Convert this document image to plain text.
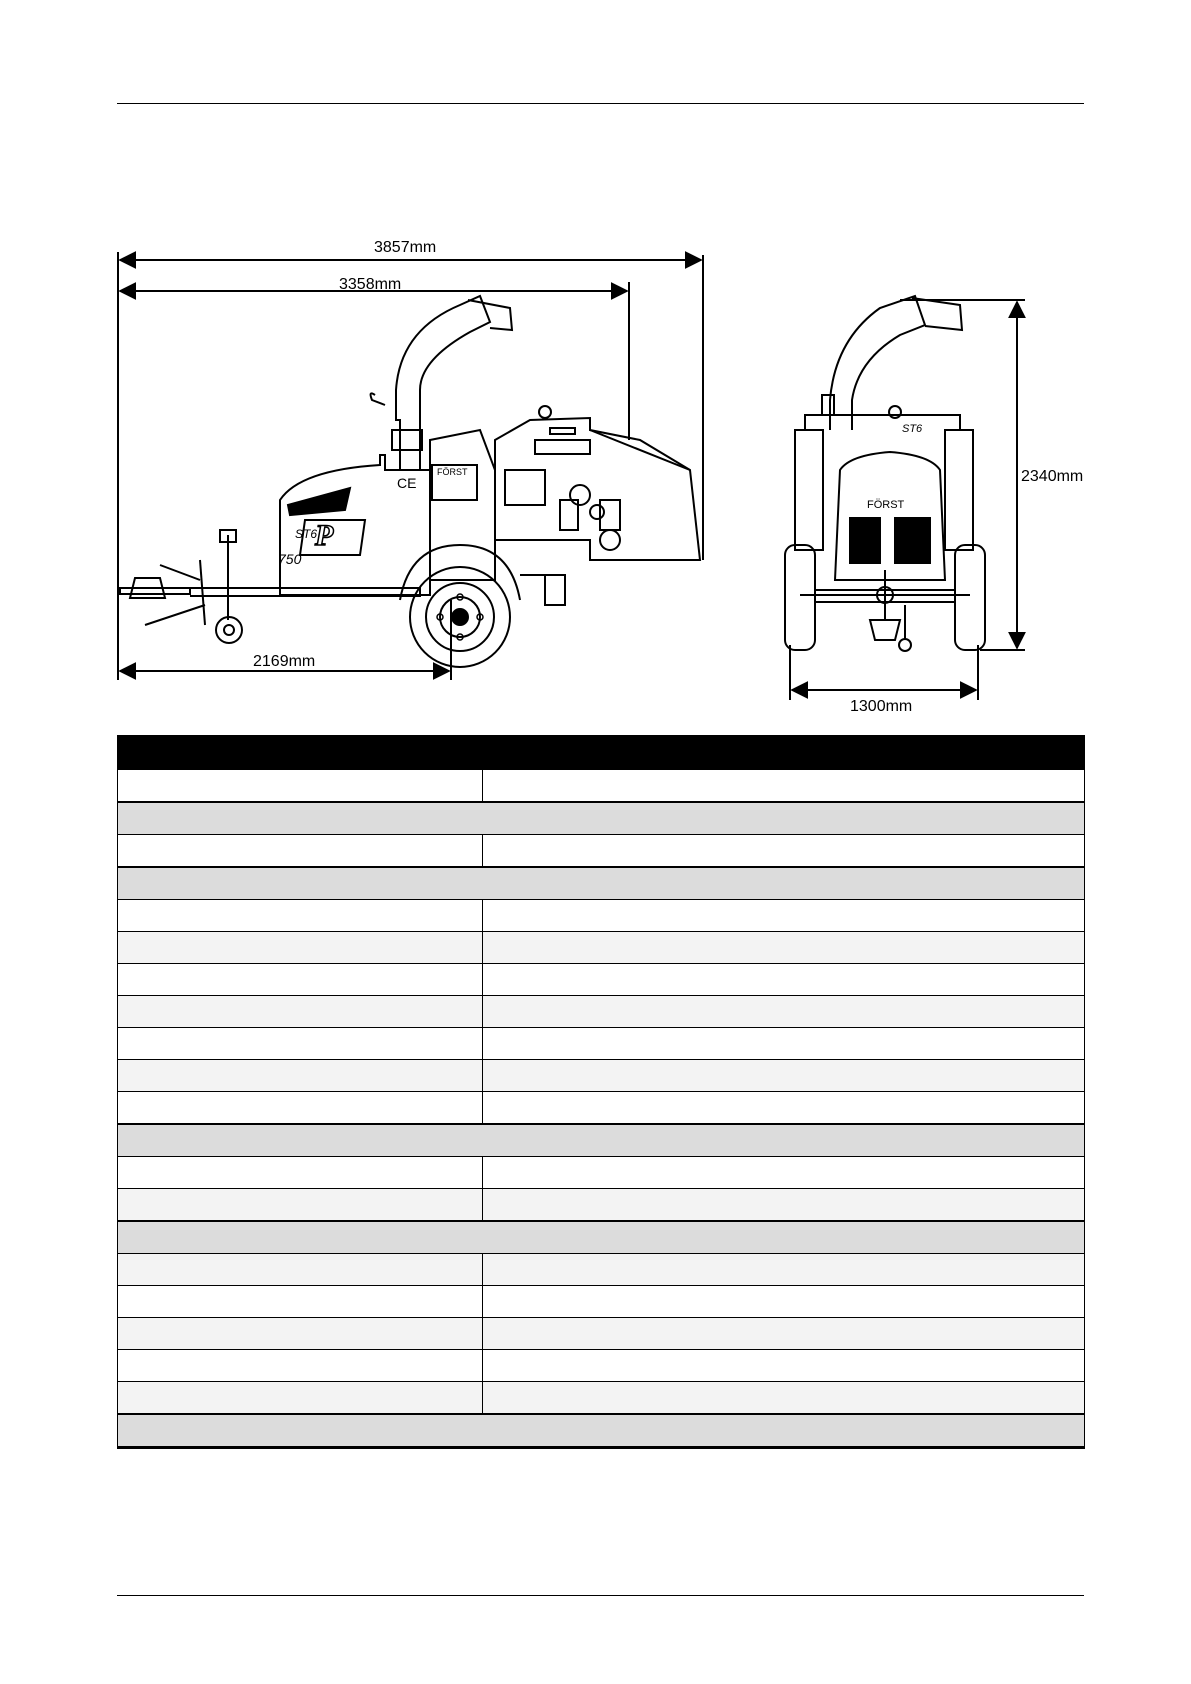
P
ST6
750
CE
FÖRST
ST6
FÖRST
3857mm
3358mm
2169mm
2340mm
1300mm
